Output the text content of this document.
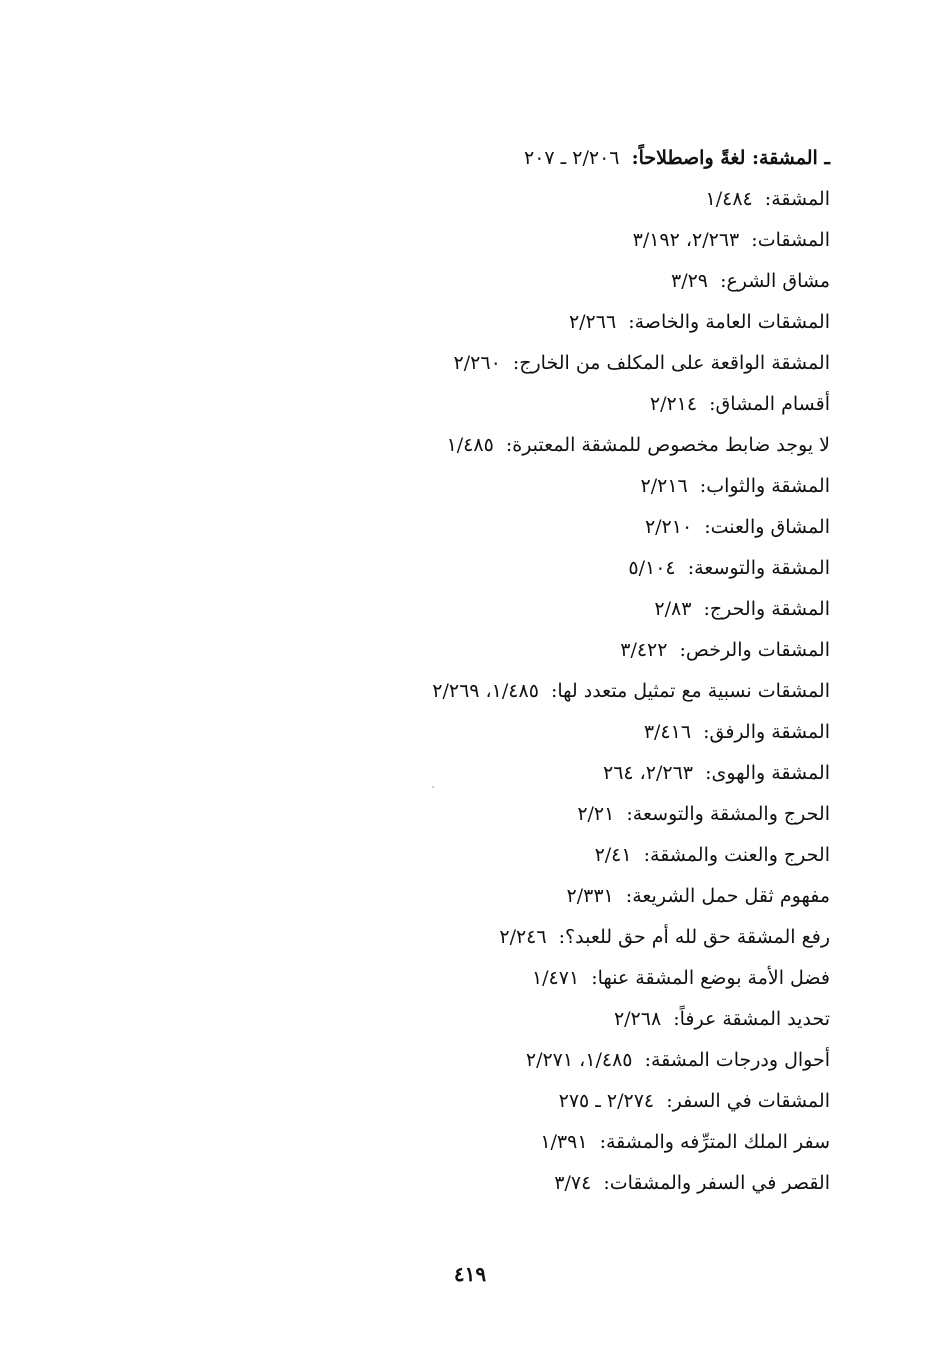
ـ المشقة: لغةً واصطلاحاً: ٢/٢٠٦ ـ ٢٠٧
المشقة: ١/٤٨٤
المشقات: ٢/٢٦٣، ٣/١٩٢
مشاق الشرع: ٣/٢٩
المشقات العامة والخاصة: ٢/٢٦٦
المشقة الواقعة على المكلف من الخارج: ٢/٢٦٠
أقسام المشاق: ٢/٢١٤
لا يوجد ضابط مخصوص للمشقة المعتبرة: ١/٤٨٥
المشقة والثواب: ٢/٢١٦
المشاق والعنت: ٢/٢١٠
المشقة والتوسعة: ٥/١٠٤
المشقة والحرج: ٢/٨٣
المشقات والرخص: ٣/٤٢٢
المشقات نسبية مع تمثيل متعدد لها: ١/٤٨٥، ٢/٢٦٩
المشقة والرفق: ٣/٤١٦
المشقة والهوى: ٢/٢٦٣، ٢٦٤
الحرج والمشقة والتوسعة: ٢/٢١
الحرج والعنت والمشقة: ٢/٤١
مفهوم ثقل حمل الشريعة: ٢/٣٣١
رفع المشقة حق لله أم حق للعبد؟: ٢/٢٤٦
فضل الأمة بوضع المشقة عنها: ١/٤٧١
تحديد المشقة عرفاً: ٢/٢٦٨
أحوال ودرجات المشقة: ١/٤٨٥، ٢/٢٧١
المشقات في السفر: ٢/٢٧٤ ـ ٢٧٥
سفر الملك المترِّفه والمشقة: ١/٣٩١
القصر في السفر والمشقات: ٣/٧٤
٤١٩
